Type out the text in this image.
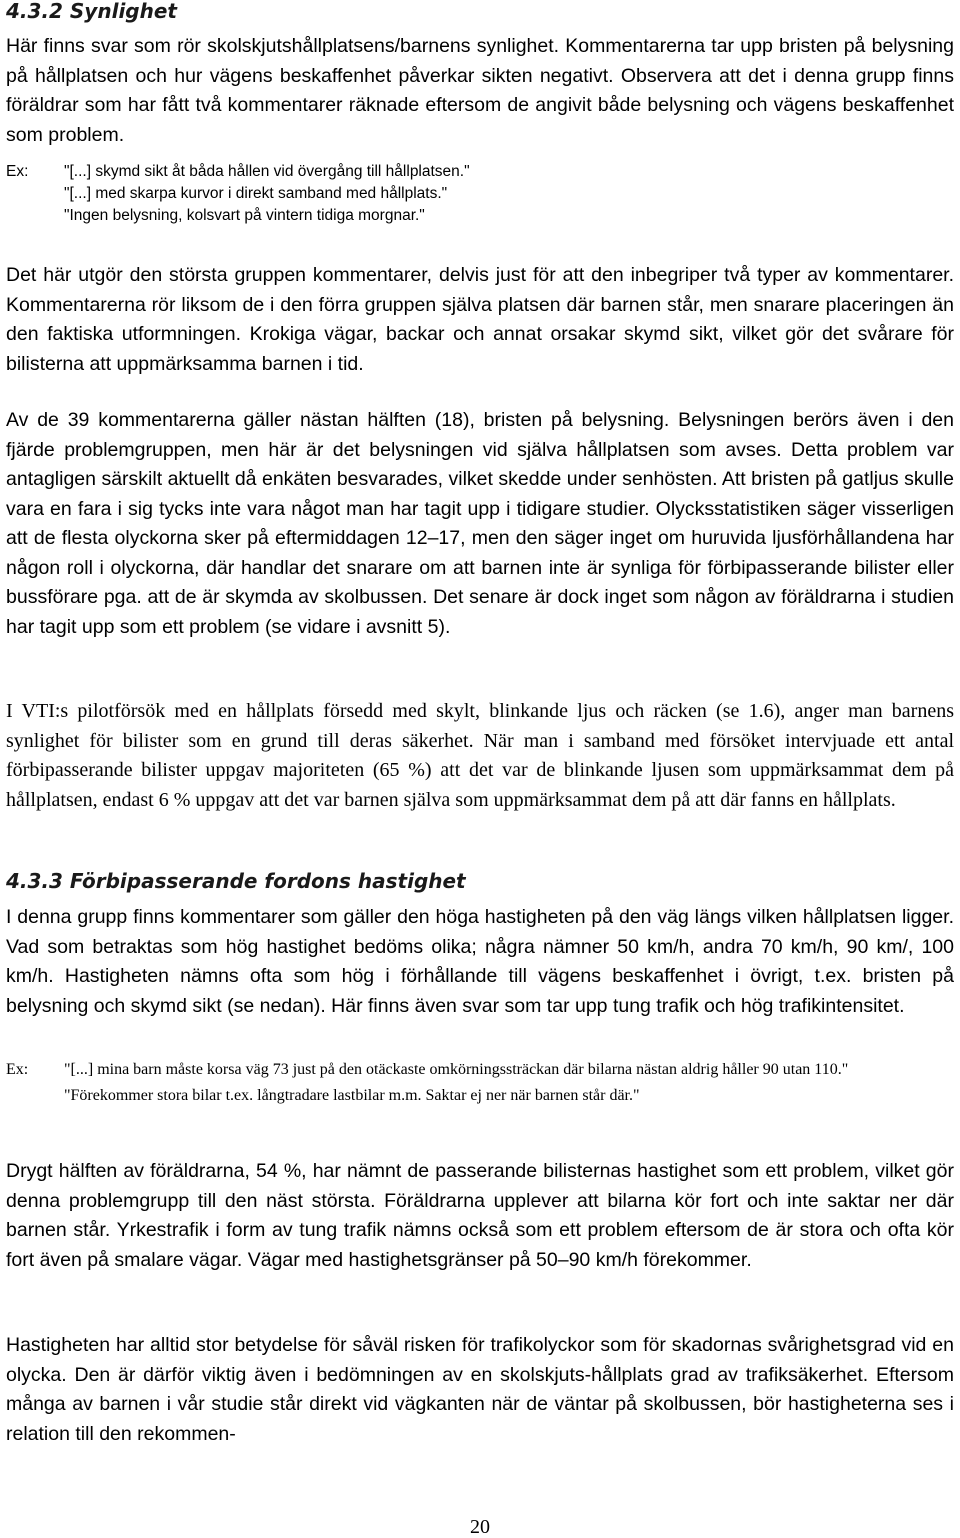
4.3.2 Synlighet

Här finns svar som rör skolskjutshållplatsens/barnens synlighet. Kommentarerna tar upp bristen på belysning på hållplatsen och hur vägens beskaffenhet påverkar sikten negativt. Observera att det i denna grupp finns föräldrar som har fått två kommentarer räknade eftersom de angivit både belysning och vägens beskaffenhet som problem.

Ex: "[...] skymd sikt åt båda hållen vid övergång till hållplatsen."
"[...] med skarpa kurvor i direkt samband med hållplats."
"Ingen belysning, kolsvart på vintern tidiga morgnar."

Det här utgör den största gruppen kommentarer, delvis just för att den inbegriper två typer av kommentarer. Kommentarerna rör liksom de i den förra gruppen själva platsen där barnen står, men snarare placeringen än den faktiska utformningen. Krokiga vägar, backar och annat orsakar skymd sikt, vilket gör det svårare för bilisterna att uppmärksamma barnen i tid.

Av de 39 kommentarerna gäller nästan hälften (18), bristen på belysning. Belysningen berörs även i den fjärde problemgruppen, men här är det belysningen vid själva hållplatsen som avses. Detta problem var antagligen särskilt aktuellt då enkäten besvarades, vilket skedde under senhösten. Att bristen på gatljus skulle vara en fara i sig tycks inte vara något man har tagit upp i tidigare studier. Olycksstatistiken säger visserligen att de flesta olyckorna sker på eftermiddagen 12–17, men den säger inget om huruvida ljusförhållandena har någon roll i olyckorna, där handlar det snarare om att barnen inte är synliga för förbipasserande bilister eller bussförare pga. att de är skymda av skolbussen. Det senare är dock inget som någon av föräldrarna i studien har tagit upp som ett problem (se vidare i avsnitt 5).

I VTI:s pilotförsök med en hållplats försedd med skylt, blinkande ljus och räcken (se 1.6), anger man barnens synlighet för bilister som en grund till deras säkerhet. När man i samband med försöket intervjuade ett antal förbipasserande bilister uppgav majoriteten (65 %) att det var de blinkande ljusen som uppmärksammat dem på hållplatsen, endast 6 % uppgav att det var barnen själva som uppmärksammat dem på att där fanns en hållplats.

4.3.3 Förbipasserande fordons hastighet

I denna grupp finns kommentarer som gäller den höga hastigheten på den väg längs vilken hållplatsen ligger. Vad som betraktas som hög hastighet bedöms olika; några nämner 50 km/h, andra 70 km/h, 90 km/, 100 km/h. Hastigheten nämns ofta som hög i förhållande till vägens beskaffenhet i övrigt, t.ex. bristen på belysning och skymd sikt (se nedan). Här finns även svar som tar upp tung trafik och hög trafikintensitet.

Ex: "[...] mina barn måste korsa väg 73 just på den otäckaste omkörningssträckan där bilarna nästan aldrig håller 90 utan 110."
"Förekommer stora bilar t.ex. långtradare lastbilar m.m. Saktar ej ner när barnen står där."

Drygt hälften av föräldrarna, 54 %, har nämnt de passerande bilisternas hastighet som ett problem, vilket gör denna problemgrupp till den näst största. Föräldrarna upplever att bilarna kör fort och inte saktar ner där barnen står. Yrkestrafik i form av tung trafik nämns också som ett problem eftersom de är stora och ofta kör fort även på smalare vägar. Vägar med hastighetsgränser på 50–90 km/h förekommer.

Hastigheten har alltid stor betydelse för såväl risken för trafikolyckor som för skadornas svårighetsgrad vid en olycka. Den är därför viktig även i bedömningen av en skolskjuts-hållplats grad av trafiksäkerhet. Eftersom många av barnen i vår studie står direkt vid vägkanten när de väntar på skolbussen, bör hastigheterna ses i relation till den rekommen-

20
